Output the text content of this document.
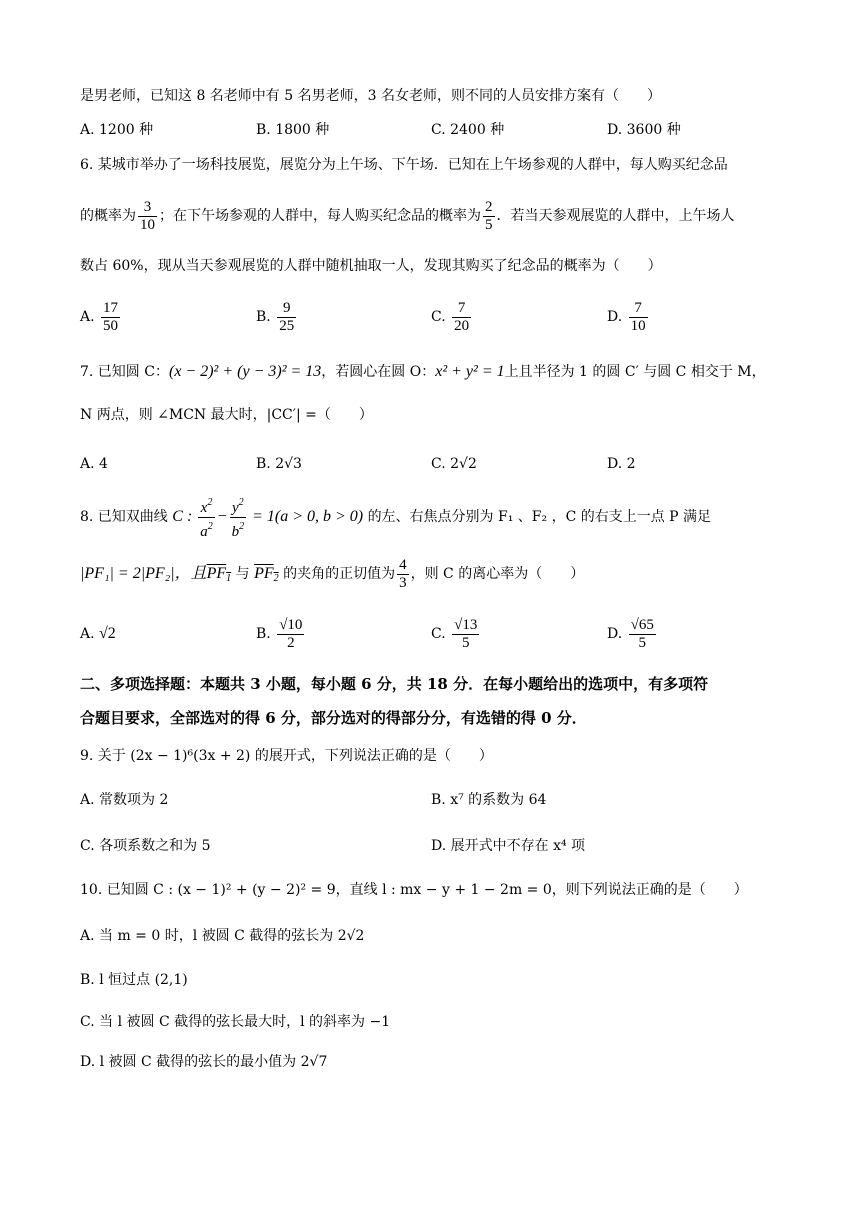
是男老师，已知这 8 名老师中有 5 名男老师，3 名女老师，则不同的人员安排方案有（　　）
A. 1200 种	B. 1800 种	C. 2400 种	D. 3600 种
6. 某城市举办了一场科技展览，展览分为上午场、下午场．已知在上午场参观的人群中，每人购买纪念品
的概率为 $\frac{3}{10}$ ；在下午场参观的人群中，每人购买纪念品的概率为 $\frac{2}{5}$ ．若当天参观展览的人群中，上午场人
数占 60%，现从当天参观展览的人群中随机抽取一人，发现其购买了纪念品的概率为（　　）
A. $\frac{17}{50}$	B. $\frac{9}{25}$	C. $\frac{7}{20}$	D. $\frac{7}{10}$
7. 已知圆 C：(x − 2)² + (y − 3)² = 13，若圆心在圆 O：x² + y² = 1上且半径为 1 的圆 C′ 与圆 C 相交于 M，
N 两点，则 ∠MCN 最大时，|CC′| =（　　）
A. 4	B. 2√3	C. 2√2	D. 2
8. 已知双曲线 C : $\frac{x^2}{a^2} - \frac{y^2}{b^2} = 1(a > 0$, b > 0) 的左、右焦点分别为 F₁ 、F₂ ，C 的右支上一点 P 满足
|PF₁| = 2|PF₂|，且$PF_1$ 与 $PF_2$ 的夹角的正切值为 $\frac{4}{3}$ ，则 C 的离心率为（　　）
A. √2	B. $\frac{√10}{2}$	C. $\frac{√13}{5}$	D. $\frac{√65}{5}$
二、多项选择题：本题共 3 小题，每小题 6 分，共 18 分．在每小题给出的选项中，有多项符
合题目要求，全部选对的得 6 分，部分选对的得部分分，有选错的得 0 分．
9. 关于 (2x − 1)⁶(3x + 2) 的展开式，下列说法正确的是（　　）
A. 常数项为 2	B. x⁷ 的系数为 64
C. 各项系数之和为 5	D. 展开式中不存在 x⁴ 项
10. 已知圆 C : (x − 1)² + (y − 2)² = 9，直线 l : mx − y + 1 − 2m = 0，则下列说法正确的是（　　）
A. 当 m = 0 时，l 被圆 C 截得的弦长为 2√2
B. l 恒过点 (2,1)
C. 当 l 被圆 C 截得的弦长最大时，l 的斜率为 −1
D. l 被圆 C 截得的弦长的最小值为 2√7
